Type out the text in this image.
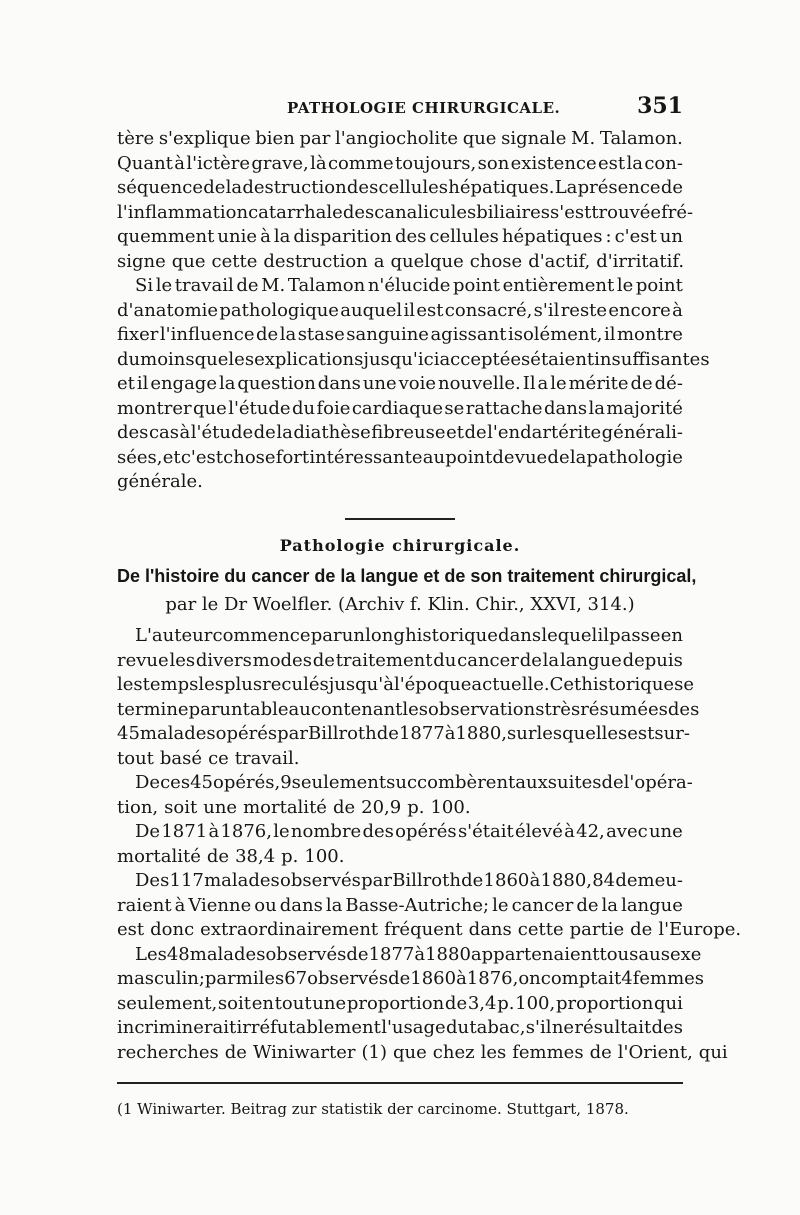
PATHOLOGIE CHIRURGICALE.	351
tère s'explique bien par l'angiocholite que signale M. Talamon.
Quant à l'ictère grave, là comme toujours, son existence est la con-
séquence de la destruction des cellules hépatiques. La présence de
l'inflammation catarrhale des canalicules biliaires s'est trouvée fré-
quemment unie à la disparition des cellules hépatiques : c'est un
signe que cette destruction a quelque chose d'actif, d'irritatif.
Si le travail de M. Talamon n'élucide point entièrement le point
d'anatomie pathologique auquel il est consacré, s'il reste encore à
fixer l'influence de la stase sanguine agissant isolément, il montre
du moins que les explications jusqu'ici acceptées étaient insuffisantes
et il engage la question dans une voie nouvelle. Il a le mérite de dé-
montrer que l'étude du foie cardiaque se rattache dans la majorité
des cas à l'étude de la diathèse fibreuse et de l'endartérite générali-
sées, et c'est chose fort intéressante au point de vue de la pathologie
générale.
Pathologie chirurgicale.
De l'histoire du cancer de la langue et de son traitement chirurgical,
par le Dr Woelfler. (Archiv f. Klin. Chir., XXVI, 314.)
L'auteur commence par un long historique dans lequel il passe en
revue les divers modes de traitement du cancer de la langue depuis
les temps les plus reculés jusqu'à l'époque actuelle. Cet historique se
termine par un tableau contenant les observations très résumées des
45 malades opérés par Billroth de 1877 à 1880, sur lesquelles est sur-
tout basé ce travail.
De ces 45 opérés, 9 seulement succombèrent aux suites de l'opéra-
tion, soit une mortalité de 20,9 p. 100.
De 1871 à 1876, le nombre des opérés s'était élevé à 42, avec une
mortalité de 38,4 p. 100.
Des 117 malades observés par Billroth de 1860 à 1880, 84 demeu-
raient à Vienne ou dans la Basse-Autriche; le cancer de la langue
est donc extraordinairement fréquent dans cette partie de l'Europe.
Les 48 malades observés de 1877 à 1880 appartenaient tous au sexe
masculin; parmi les 67 observés de 1860 à 1876, on comptait 4 femmes
seulement, soit en tout une proportion de 3,4 p. 100, proportion qui
incriminerait irréfutablement l'usage du tabac, s'il ne résultait des
recherches de Winiwarter (1) que chez les femmes de l'Orient, qui
(1 Winiwarter. Beitrag zur statistik der carcinome. Stuttgart, 1878.
